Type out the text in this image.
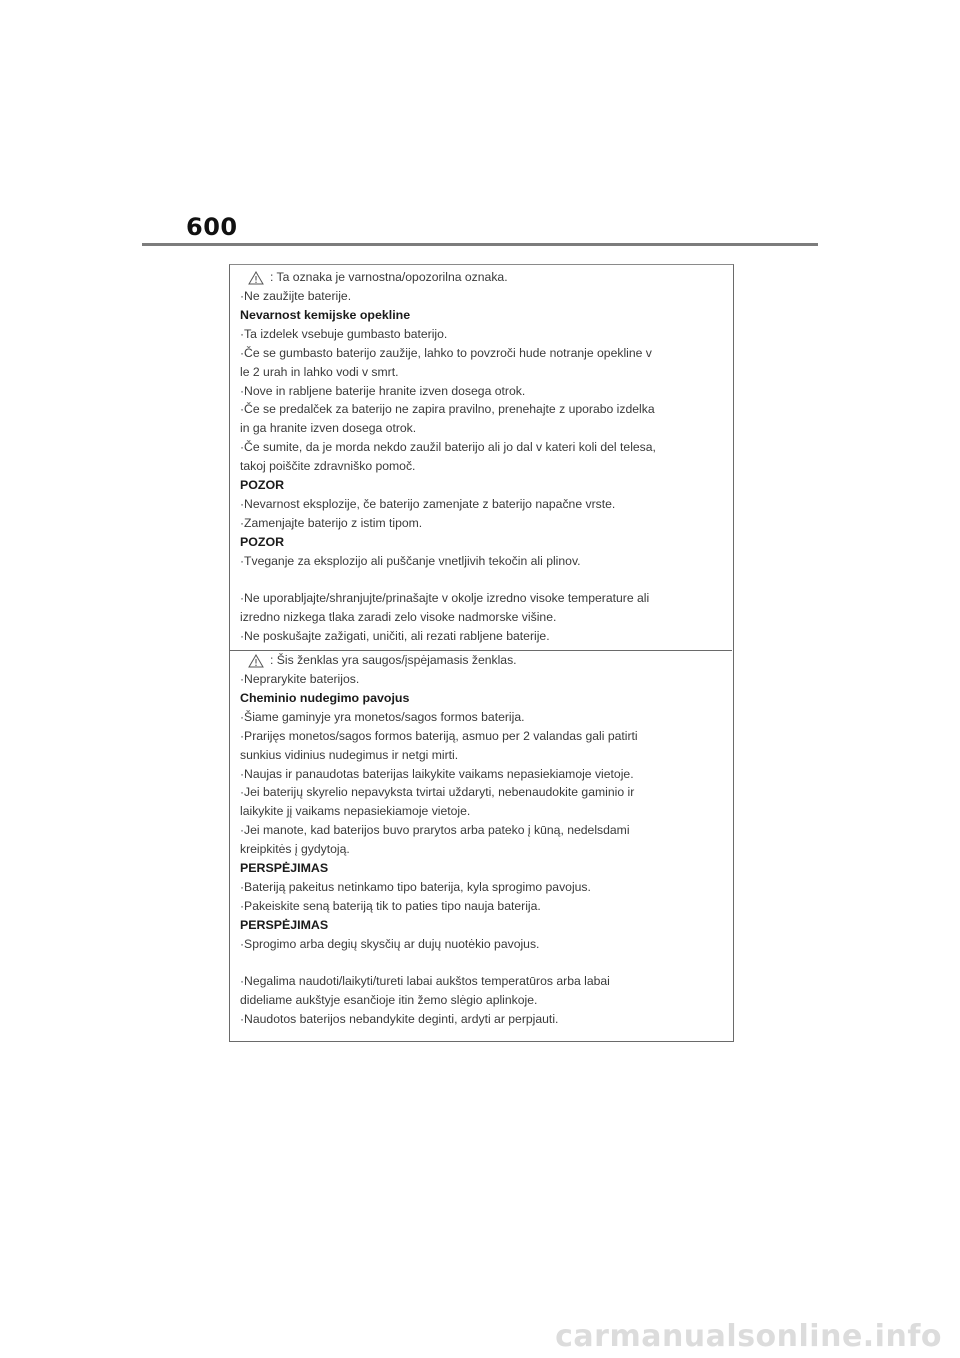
600
: Ta oznaka je varnostna/opozorilna oznaka.
·Ne zaužijte baterije.
Nevarnost kemijske opekline
·Ta izdelek vsebuje gumbasto baterijo.
·Če se gumbasto baterijo zaužije, lahko to povzroči hude notranje opekline v
le 2 urah in lahko vodi v smrt.
·Nove in rabljene baterije hranite izven dosega otrok.
·Če se predalček za baterijo ne zapira pravilno, prenehajte z uporabo izdelka
in ga hranite izven dosega otrok.
·Če sumite, da je morda nekdo zaužil baterijo ali jo dal v kateri koli del telesa,
takoj poiščite zdravniško pomoč.
POZOR
·Nevarnost eksplozije, če baterijo zamenjate z baterijo napačne vrste.
·Zamenjajte baterijo z istim tipom.
POZOR
·Tveganje za eksplozijo ali puščanje vnetljivih tekočin ali plinov.
·Ne uporabljajte/shranjujte/prinašajte v okolje izredno visoke temperature ali
izredno nizkega tlaka zaradi zelo visoke nadmorske višine.
·Ne poskušajte zažigati, uničiti, ali rezati rabljene baterije.
: Šis ženklas yra saugos/įspėjamasis ženklas.
·Neprarykite baterijos.
Cheminio nudegimo pavojus
·Šiame gaminyje yra monetos/sagos formos baterija.
·Prarijęs monetos/sagos formos bateriją, asmuo per 2 valandas gali patirti
sunkius vidinius nudegimus ir netgi mirti.
·Naujas ir panaudotas baterijas laikykite vaikams nepasiekiamoje vietoje.
·Jei baterijų skyrelio nepavyksta tvirtai uždaryti, nebenaudokite gaminio ir
laikykite jį vaikams nepasiekiamoje vietoje.
·Jei manote, kad baterijos buvo prarytos arba pateko į kūną, nedelsdami
kreipkitės į gydytoją.
PERSPĖJIMAS
·Bateriją pakeitus netinkamo tipo baterija, kyla sprogimo pavojus.
·Pakeiskite seną bateriją tik to paties tipo nauja baterija.
PERSPĖJIMAS
·Sprogimo arba degių skysčių ar dujų nuotėkio pavojus.
·Negalima naudoti/laikyti/tureti labai aukštos temperatūros arba labai
dideliame aukštyje esančioje itin žemo slėgio aplinkoje.
·Naudotos baterijos nebandykite deginti, ardyti ar perpjauti.
carmanualsonline.info
